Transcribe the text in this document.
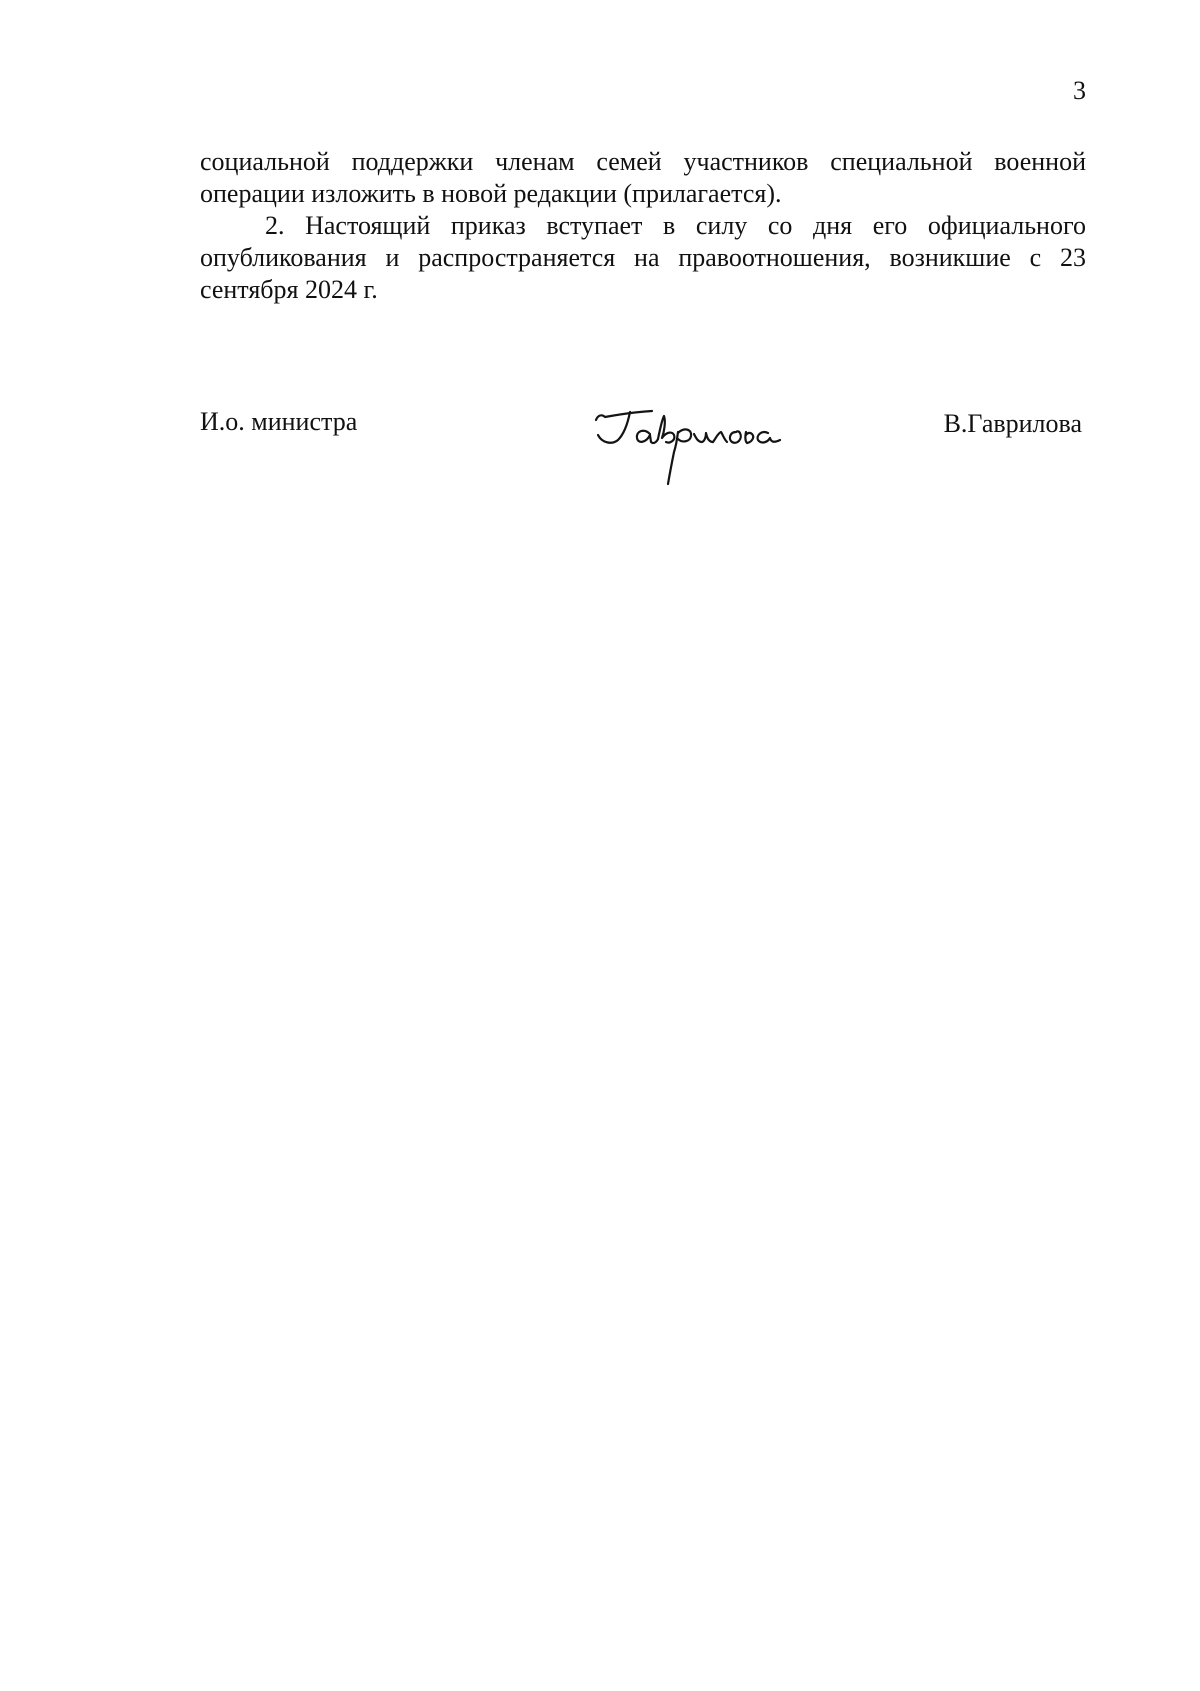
3

социальной поддержки членам семей участников специальной военной операции изложить в новой редакции (прилагается).

2. Настоящий приказ вступает в силу со дня его официального опубликования и распространяется на правоотношения, возникшие с 23 сентября 2024 г.

И.о. министра	В.Гаврилова
